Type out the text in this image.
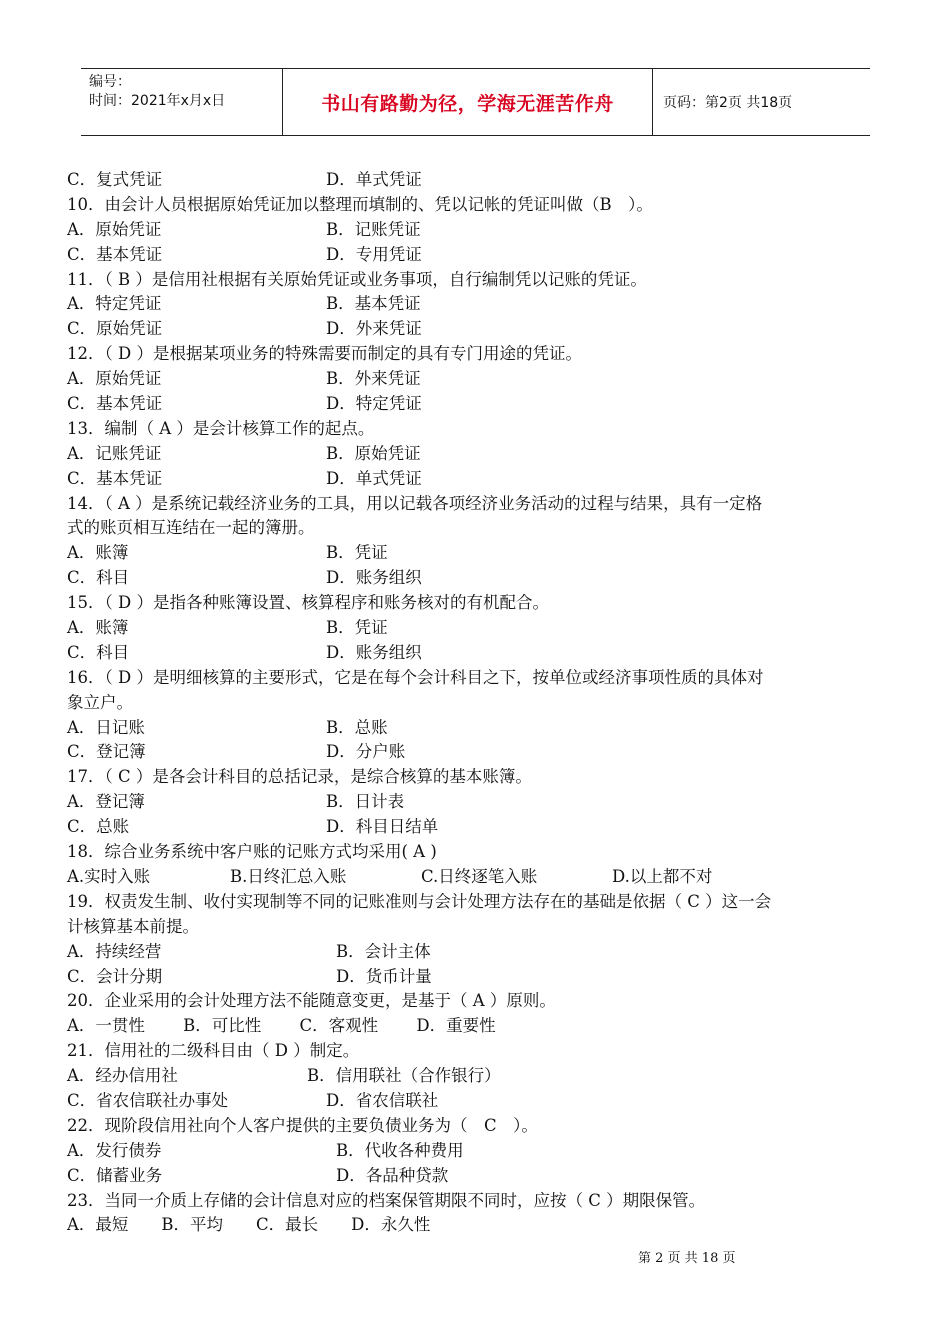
编号：
时间：2021年x月x日	书山有路勤为径，学海无涯苦作舟	页码：第2页 共18页
C．复式凭证	D．单式凭证
10．由会计人员根据原始凭证加以整理而填制的、凭以记帐的凭证叫做（B　）。
A．原始凭证	B．记账凭证
C．基本凭证	D．专用凭证
11．（ B ）是信用社根据有关原始凭证或业务事项，自行编制凭以记账的凭证。
A．特定凭证	B．基本凭证
C．原始凭证	D．外来凭证
12．（ D ）是根据某项业务的特殊需要而制定的具有专门用途的凭证。
A．原始凭证	B．外来凭证
C．基本凭证	D．特定凭证
13．编制（ A ）是会计核算工作的起点。
A．记账凭证	B．原始凭证
C．基本凭证	D．单式凭证
14．（ A ）是系统记载经济业务的工具，用以记载各项经济业务活动的过程与结果，具有一定格
式的账页相互连结在一起的簿册。
A．账簿	B．凭证
C．科目	D．账务组织
15．（ D ）是指各种账簿设置、核算程序和账务核对的有机配合。
A．账簿	B．凭证
C．科目	D．账务组织
16．（ D ）是明细核算的主要形式，它是在每个会计科目之下，按单位或经济事项性质的具体对
象立户。
A．日记账	B．总账
C．登记簿	D．分户账
17．（ C ）是各会计科目的总括记录，是综合核算的基本账簿。
A．登记簿	B．日计表
C．总账	D．科目日结单
18．综合业务系统中客户账的记账方式均采用( A )
A.实时入账	B.日终汇总入账	C.日终逐笔入账	D.以上都不对
19．权责发生制、收付实现制等不同的记账准则与会计处理方法存在的基础是依据（ C ）这一会
计核算基本前提。
A．持续经营	B．会计主体
C．会计分期	D．货币计量
20．企业采用的会计处理方法不能随意变更，是基于（ A ）原则。
A．一贯性　　 B．可比性　　 C．客观性　　 D．重要性
21．信用社的二级科目由（ D ）制定。
A．经办信用社	B．信用联社（合作银行）
C．省农信联社办事处	D．省农信联社
22．现阶段信用社向个人客户提供的主要负债业务为（　C　）。
A．发行债券	B．代收各种费用
C．储蓄业务	D．各品种贷款
23．当同一介质上存储的会计信息对应的档案保管期限不同时，应按（ C ）期限保管。
A．最短　　B．平均　　C．最长　　D．永久性
第 2 页 共 18 页
